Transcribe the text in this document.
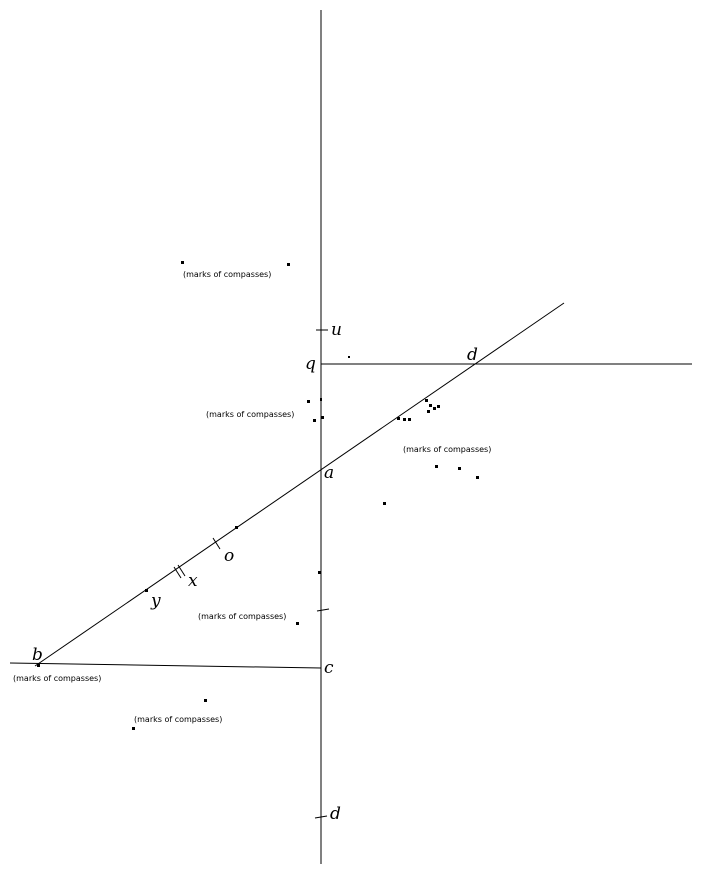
u
q	d
a
o
x
y
b
c
d
(marks of compasses)
(marks of compasses)
(marks of compasses)
(marks of compasses)
(marks of compasses)
(marks of compasses)
